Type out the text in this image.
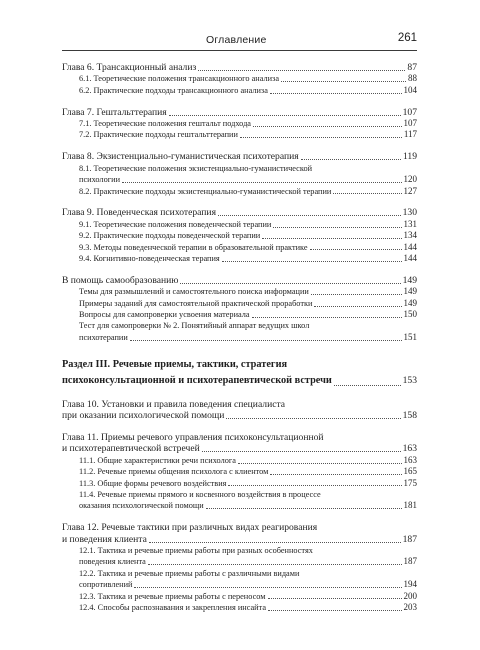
Оглавление	261
Глава 6. Трансакционный анализ	87
6.1. Теоретические положения трансакционного анализа	88
6.2. Практические подходы трансакционного анализа	104
Глава 7. Гештальттерапия	107
7.1. Теоретические положения гештальт подхода	107
7.2. Практические подходы гештальттерапии	117
Глава 8. Экзистенциально-гуманистическая психотерапия	119
8.1. Теоретические положения экзистенциально-гуманистической
психологии	120
8.2. Практические подходы экзистенциально-гуманистической терапии	127
Глава 9. Поведенческая психотерапия	130
9.1. Теоретические положения поведенческой терапии	131
9.2. Практические подходы поведенческой терапии	134
9.3. Методы поведенческой терапии в образовательной практике	144
9.4. Когнитивно-поведенческая терапия	144
В помощь самообразованию	149
Темы для размышлений и самостоятельного поиска информации	149
Примеры заданий для самостоятельной практической проработки	149
Вопросы для самопроверки усвоения материала	150
Тест для самопроверки № 2. Понятийный аппарат ведущих школ
психотерапии	151
Раздел III. Речевые приемы, тактики, стратегия
психоконсультационной и психотерапевтической встречи	153
Глава 10. Установки и правила поведения специалиста
при оказании психологической помощи	158
Глава 11. Приемы речевого управления психоконсультационной
и психотерапевтической встречей	163
11.1. Общие характеристики речи психолога	163
11.2. Речевые приемы общения психолога с клиентом	165
11.3. Общие формы речевого воздействия	175
11.4. Речевые приемы прямого и косвенного воздействия в процессе
оказания психологической помощи	181
Глава 12. Речевые тактики при различных видах реагирования
и поведения клиента	187
12.1. Тактика и речевые приемы работы при разных особенностях
поведения клиента	187
12.2. Тактика и речевые приемы работы с различными видами
сопротивлений	194
12.3. Тактика и речевые приемы работы с переносом	200
12.4. Способы распознавания и закрепления инсайта	203
